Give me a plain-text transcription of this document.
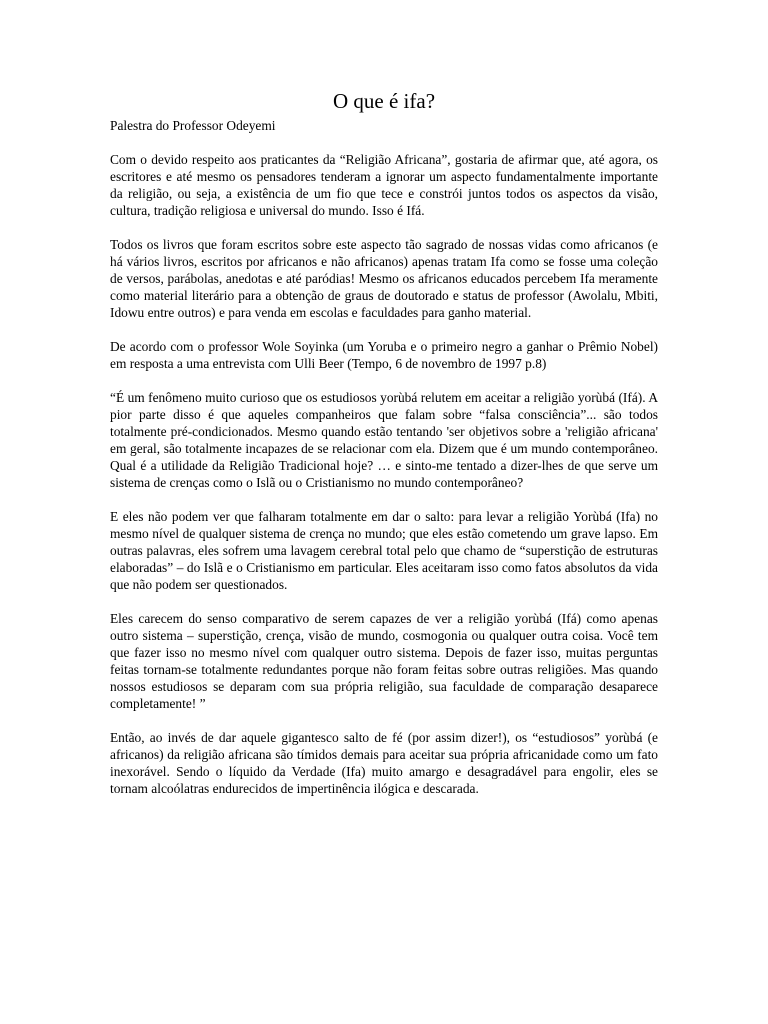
O que é ifa?
Palestra do Professor Odeyemi

Com o devido respeito aos praticantes da “Religião Africana”, gostaria de afirmar que, até agora, os escritores e até mesmo os pensadores tenderam a ignorar um aspecto fundamentalmente importante da religião, ou seja, a existência de um fio que tece e constrói juntos todos os aspectos da visão, cultura, tradição religiosa e universal do mundo. Isso é Ifá.

Todos os livros que foram escritos sobre este aspecto tão sagrado de nossas vidas como africanos (e há vários livros, escritos por africanos e não africanos) apenas tratam Ifa como se fosse uma coleção de versos, parábolas, anedotas e até paródias! Mesmo os africanos educados percebem Ifa meramente como material literário para a obtenção de graus de doutorado e status de professor (Awolalu, Mbiti, Idowu entre outros) e para venda em escolas e faculdades para ganho material.

De acordo com o professor Wole Soyinka (um Yoruba e o primeiro negro a ganhar o Prêmio Nobel) em resposta a uma entrevista com Ulli Beer (Tempo, 6 de novembro de 1997 p.8)

“É um fenômeno muito curioso que os estudiosos yorùbá relutem em aceitar a religião yorùbá (Ifá). A pior parte disso é que aqueles companheiros que falam sobre “falsa consciência”... são todos totalmente pré-condicionados. Mesmo quando estão tentando 'ser objetivos sobre a 'religião africana' em geral, são totalmente incapazes de se relacionar com ela. Dizem que é um mundo contemporâneo. Qual é a utilidade da Religião Tradicional hoje? … e sinto-me tentado a dizer-lhes de que serve um sistema de crenças como o Islã ou o Cristianismo no mundo contemporâneo?

E eles não podem ver que falharam totalmente em dar o salto: para levar a religião Yorùbá (Ifa) no mesmo nível de qualquer sistema de crença no mundo; que eles estão cometendo um grave lapso. Em outras palavras, eles sofrem uma lavagem cerebral total pelo que chamo de “superstição de estruturas elaboradas” – do Islã e o Cristianismo em particular. Eles aceitaram isso como fatos absolutos da vida que não podem ser questionados.

Eles carecem do senso comparativo de serem capazes de ver a religião yorùbá (Ifá) como apenas outro sistema – superstição, crença, visão de mundo, cosmogonia ou qualquer outra coisa. Você tem que fazer isso no mesmo nível com qualquer outro sistema. Depois de fazer isso, muitas perguntas feitas tornam-se totalmente redundantes porque não foram feitas sobre outras religiões. Mas quando nossos estudiosos se deparam com sua própria religião, sua faculdade de comparação desaparece completamente! ”

Então, ao invés de dar aquele gigantesco salto de fé (por assim dizer!), os “estudiosos” yorùbá (e africanos) da religião africana são tímidos demais para aceitar sua própria africanidade como um fato inexorável. Sendo o líquido da Verdade (Ifa) muito amargo e desagradável para engolir, eles se tornam alcoólatras endurecidos de impertinência ilógica e descarada.
